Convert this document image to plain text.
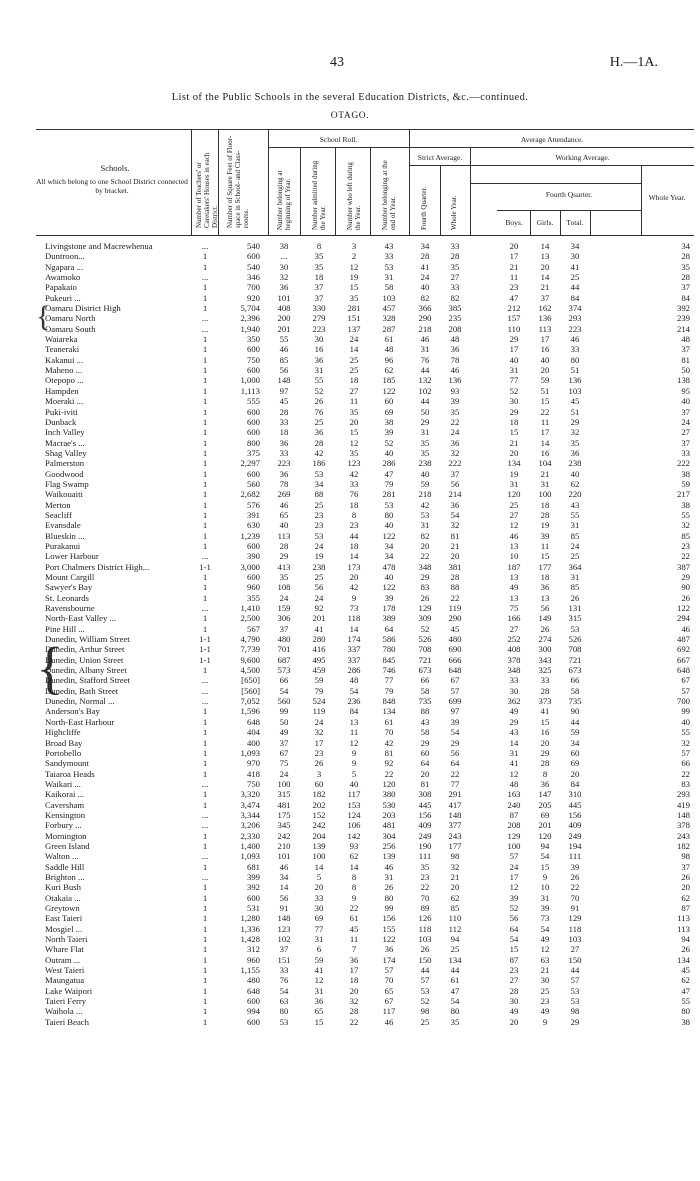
43	H.—1A.
List of the Public Schools in the several Education Districts, &c.—continued.
OTAGO.
Schools.
All which belong to one School District connected by bracket.	Number of Teachers' or Caretakers' Houses in each District. Number of Square Feet of Floor-space in School- and Class-rooms.
School Roll.
Number belonging at beginning of Year.	Number admitted during the Year.	Number who left during the Year.	Number belonging at the end of Year.
Average Attendance.
Strict Average.
Fourth Quarter.	Whole Year.
Working Average.
Fourth Quarter.
Boys.	Girls.	Total.
Whole Year.
{
{
Livingstone and Macrewhenua	...	540	38	8	3	43	34	33	20	14	34	34
Duntroon...	1	600	...	35	2	33	28	28	17	13	30	28
Ngapara ...	1	540	30	35	12	53	41	35	21	20	41	35
Awamoko	...	346	32	18	19	31	24	27	11	14	25	28
Papakaio	1	700	36	37	15	58	40	33	23	21	44	37
Pukeuri ...	1	920	101	37	35	103	82	82	47	37	84	84
Oamaru District High	1	5,704	408	330	281	457	366	385	212	162	374	392
Oamaru North	...	2,396	200	279	151	328	290	235	157	136	293	239
Oamaru South	...	1,940	201	223	137	287	218	208	110	113	223	214
Waiareka	1	350	55	30	24	61	46	48	29	17	46	48
Teaneraki	1	600	46	16	14	48	31	36	17	16	33	37
Kakanui ...	1	750	85	36	25	96	76	78	40	40	80	81
Maheno ...	1	600	56	31	25	62	44	46	31	20	51	50
Otepopo ...	1	1,000	148	55	18	185	132	136	77	59	136	138
Hampden	1	1,113	97	52	27	122	102	93	52	51	103	95
Moeraki ...	1	555	45	26	11	60	44	39	30	15	45	40
Puki-iviti	1	600	28	76	35	69	50	35	29	22	51	37
Dunback	1	600	33	25	20	38	29	22	18	11	29	24
Inch Valley	1	600	18	36	15	39	31	24	15	17	32	27
Macrae's ...	1	800	36	28	12	52	35	36	21	14	35	37
Shag Valley	1	375	33	42	35	40	35	32	20	16	36	33
Palmerston	1	2,297	223	186	123	286	238	222	134	104	238	222
Goodwood	1	600	36	53	42	47	40	37	19	21	40	38
Flag Swamp	1	560	78	34	33	79	59	56	31	31	62	59
Waikouaiti	1	2,682	269	88	76	281	218	214	120	100	220	217
Merton	1	576	46	25	18	53	42	36	25	18	43	38
Seacliff	1	391	65	23	8	80	53	54	27	28	55	55
Evansdale	1	630	40	23	23	40	31	32	12	19	31	32
Blueskin ...	1	1,239	113	53	44	122	82	81	46	39	85	85
Purakanui	1	600	28	24	18	34	20	21	13	11	24	23
Lower Harbour	...	390	29	19	14	34	22	20	10	15	25	22
Port Chalmers District High...	1-1	3,000	413	238	173	478	348	381	187	177	364	387
Mount Cargill	1	600	35	25	20	40	29	28	13	18	31	29
Sawyer's Bay	1	960	108	56	42	122	83	88	49	36	85	90
St. Leonards	1	355	24	24	9	39	26	22	13	13	26	26
Ravensbourne	...	1,410	159	92	73	178	129	119	75	56	131	122
North-East Valley ...	1	2,500	306	201	118	389	309	290	166	149	315	294
Pine Hill ...	1	567	37	41	14	64	52	45	27	26	53	46
Dunedin, William Street	1-1	4,790	480	280	174	586	526	480	252	274	526	487
Dunedin, Arthur Street	1-1	7,739	701	416	337	780	708	690	408	300	708	692
Dunedin, Union Street	1-1	9,600	687	495	337	845	721	666	378	343	721	667
Dunedin, Albany Street	1	4,500	573	459	286	746	673	648	348	325	673	648
Dunedin, Stafford Street	...	[650]	66	59	48	77	66	67	33	33	66	67
Dunedin, Bath Street	...	[560]	54	79	54	79	58	57	30	28	58	57
Dunedin, Normal ...	...	7,052	560	524	236	848	735	699	362	373	735	700
Anderson's Bay	1	1,596	99	119	84	134	88	97	49	41	90	99
North-East Harbour	1	648	50	24	13	61	43	39	29	15	44	40
Highcliffe	1	404	49	32	11	70	58	54	43	16	59	55
Broad Bay	1	400	37	17	12	42	29	29	14	20	34	32
Portobello	1	1,093	67	23	9	81	60	56	31	29	60	57
Sandymount	1	970	75	26	9	92	64	64	41	28	69	66
Taiaroa Heads	1	418	24	3	5	22	20	22	12	8	20	22
Waikari ...	...	750	100	60	40	120	81	77	48	36	84	83
Kaikorai ...	1	3,320	315	182	117	380	308	291	163	147	310	293
Caversham	1	3,474	481	202	153	530	445	417	240	205	445	419
Kensington	...	3,344	175	152	124	203	156	148	87	69	156	148
Forbury ...	...	3,206	345	242	106	481	409	377	208	201	409	378
Mornington	1	2,330	242	204	142	304	249	243	129	120	249	243
Green Island	1	1,400	210	139	93	256	190	177	100	94	194	182
Walton ...	...	1,093	101	100	62	139	111	98	57	54	111	98
Saddle Hill	1	681	46	14	14	46	35	32	24	15	39	37
Brighton ...	...	399	34	5	8	31	23	21	17	9	26	26
Kuri Bush	1	392	14	20	8	26	22	20	12	10	22	20
Otakaia ...	1	600	56	33	9	80	70	62	39	31	70	62
Greytown	1	531	91	30	22	99	89	85	52	39	91	87
East Taieri	1	1,280	148	69	61	156	126	110	56	73	129	113
Mosgiel ...	1	1,336	123	77	45	155	118	112	64	54	118	113
North Taieri	1	1,428	102	31	11	122	103	94	54	49	103	94
Whare Flat	1	312	37	6	7	36	26	25	15	12	27	26
Outram ...	1	960	151	59	36	174	150	134	87	63	150	134
West Taieri	1	1,155	33	41	17	57	44	44	23	21	44	45
Maungatua	1	480	76	12	18	70	57	61	27	30	57	62
Lake Waipori	1	648	54	31	20	65	53	47	28	25	53	47
Taieri Ferry	1	600	63	36	32	67	52	54	30	23	53	55
Waihola ...	1	994	80	65	28	117	98	80	49	49	98	80
Taieri Beach	1	600	53	15	22	46	25	35	20	9	29	38
